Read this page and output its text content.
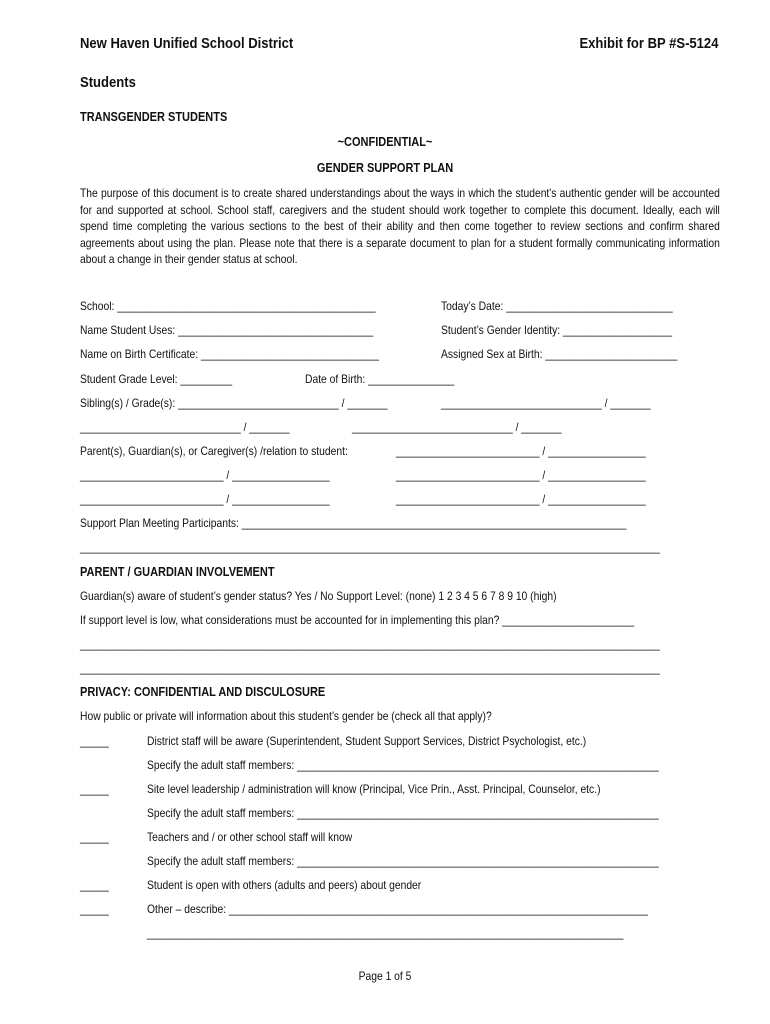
New Haven Unified School District	Exhibit for BP #S-5124
Students
TRANSGENDER STUDENTS
~CONFIDENTIAL~
GENDER SUPPORT PLAN
The purpose of this document is to create shared understandings about the ways in which the student's authentic gender will be accounted for and supported at school. School staff, caregivers and the student should work together to complete this document. Ideally, each will spend time completing the various sections to the best of their ability and then come together to review sections and confirm shared agreements about using the plan. Please note that there is a separate document to plan for a student formally communicating information about a change in their gender status at school.
School: _____________________________________________	Today’s Date: _____________________________
Name Student Uses: __________________________________	Student’s Gender Identity: ___________________
Name on Birth Certificate: _______________________________	Assigned Sex at Birth: _______________________
Student Grade Level: _________	Date of Birth: _______________
Sibling(s) / Grade(s): ____________________________ / _______	____________________________ / _______
____________________________ / _______	____________________________ / _______
Parent(s), Guardian(s), or Caregiver(s) /relation to student:	_________________________ / _________________
_________________________ / _________________	_________________________ / _________________
_________________________ / _________________	_________________________ / _________________
Support Plan Meeting Participants: ___________________________________________________________________
_____________________________________________________________________________________________________
PARENT / GUARDIAN INVOLVEMENT
Guardian(s) aware of student’s gender status? Yes / No Support Level: (none) 1 2 3 4 5 6 7 8 9 10 (high)
If support level is low, what considerations must be accounted for in implementing this plan? _______________________
_____________________________________________________________________________________________________
_____________________________________________________________________________________________________
PRIVACY: CONFIDENTIAL AND DISCULOSURE
How public or private will information about this student’s gender be (check all that apply)?
_____	District staff will be aware (Superintendent, Student Support Services, District Psychologist, etc.)
Specify the adult staff members: _______________________________________________________________
_____	Site level leadership / administration will know (Principal, Vice Prin., Asst. Principal, Counselor, etc.)
Specify the adult staff members: _______________________________________________________________
_____	Teachers and / or other school staff will know
Specify the adult staff members: _______________________________________________________________
_____	Student is open with others (adults and peers) about gender
_____	Other – describe: _________________________________________________________________________
___________________________________________________________________________________
Page 1 of 5
